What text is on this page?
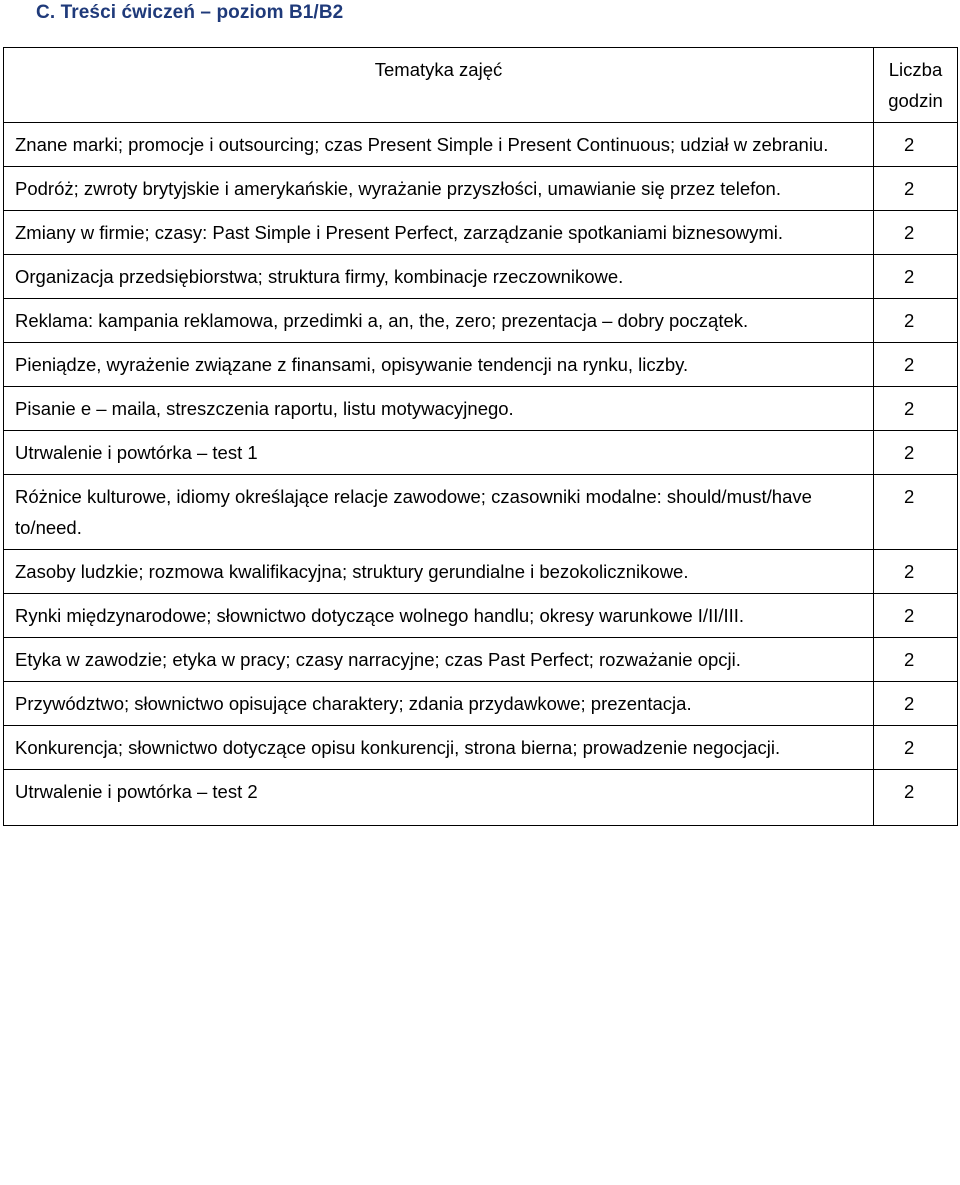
C. Treści ćwiczeń – poziom B1/B2
Tematyka zajęć	Liczba godzin
Znane marki; promocje i outsourcing; czas Present Simple i Present Continuous; udział w zebraniu.	2
Podróż; zwroty brytyjskie i amerykańskie, wyrażanie przyszłości, umawianie się przez telefon.	2
Zmiany w firmie; czasy: Past Simple i Present Perfect, zarządzanie spotkaniami biznesowymi.	2
Organizacja przedsiębiorstwa; struktura firmy, kombinacje rzeczownikowe.	2
Reklama: kampania reklamowa, przedimki a, an, the, zero; prezentacja – dobry początek.	2
Pieniądze, wyrażenie związane z finansami, opisywanie tendencji na rynku, liczby.	2
Pisanie e – maila, streszczenia raportu, listu motywacyjnego.	2
Utrwalenie i powtórka – test 1	2
Różnice kulturowe, idiomy określające relacje zawodowe; czasowniki modalne: should/must/have to/need.	2
Zasoby ludzkie; rozmowa kwalifikacyjna; struktury gerundialne i bezokolicznikowe.	2
Rynki międzynarodowe; słownictwo dotyczące wolnego handlu; okresy warunkowe I/II/III.	2
Etyka w zawodzie; etyka w pracy; czasy narracyjne; czas Past Perfect; rozważanie opcji.	2
Przywództwo; słownictwo opisujące charaktery; zdania przydawkowe; prezentacja.	2
Konkurencja; słownictwo dotyczące opisu konkurencji, strona bierna; prowadzenie negocjacji.	2
Utrwalenie i powtórka – test 2	2
